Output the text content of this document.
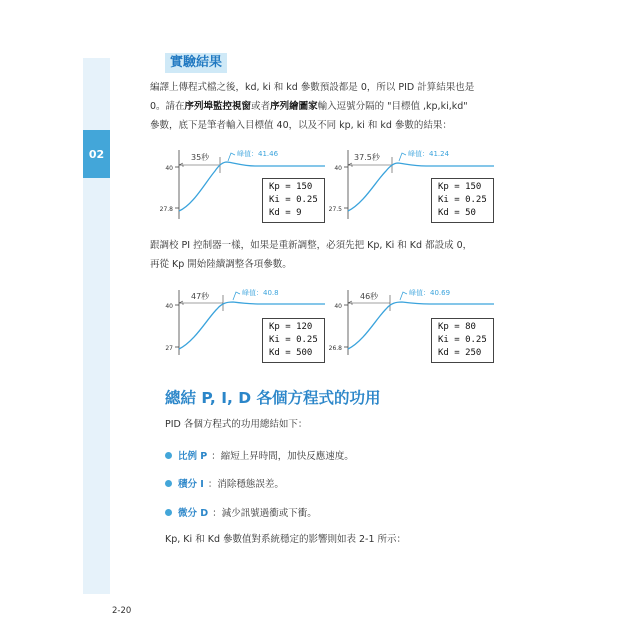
02
實驗結果
編譯上傳程式檔之後，kd, ki 和 kd 參數預設都是 0，所以 PID 計算結果也是
0。請在序列埠監控視窗或者序列繪圖家輸入逗號分隔的 "目標值 ,kp,ki,kd"
參數，底下是筆者輸入目標值 40，以及不同 kp, ki 和 kd 參數的結果：
40
27.8
35秒	峰值：41.46
Kp = 150
Ki = 0.25
Kd = 9
40
27.5
37.5秒	峰值：41.24
Kp = 150
Ki = 0.25
Kd = 50
跟調校 PI 控制器一樣，如果是重新調整，必須先把 Kp, Ki 和 Kd 都設成 0，
再從 Kp 開始陸續調整各項參數。
40
27
47秒	峰值：40.8
Kp = 120
Ki = 0.25
Kd = 500
40
26.8
46秒	峰值：40.69
Kp = 80
Ki = 0.25
Kd = 250
總結 P, I, D 各個方程式的功用
PID 各個方程式的功用總結如下：
比例 P ：縮短上昇時間，加快反應速度。
積分 I ：消除穩態誤差。
微分 D ：減少訊號過衝或下衝。
Kp, Ki 和 Kd 參數值對系統穩定的影響則如表 2-1 所示：
2-20
